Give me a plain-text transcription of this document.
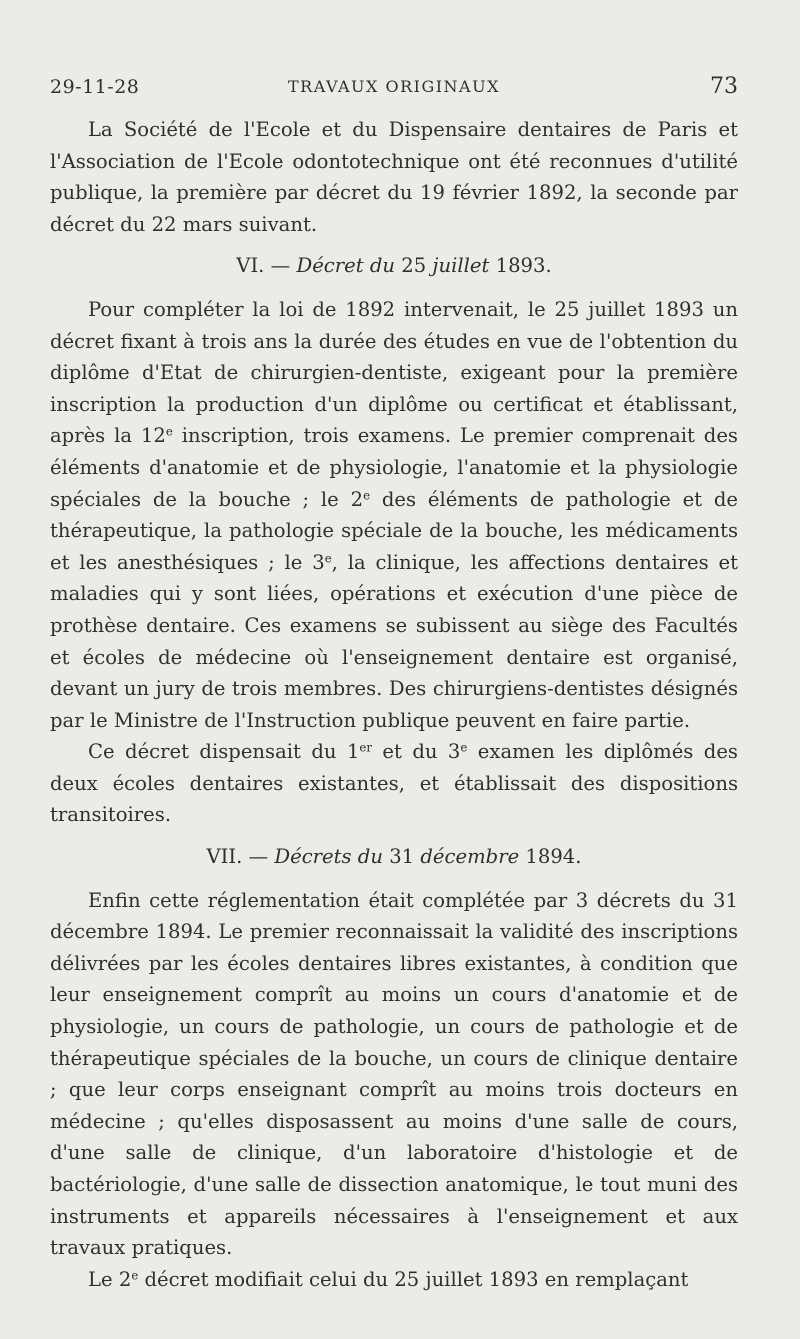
29-11-28	TRAVAUX ORIGINAUX	73

La Société de l'Ecole et du Dispensaire dentaires de Paris et l'Association de l'Ecole odontotechnique ont été reconnues d'utilité publique, la première par décret du 19 février 1892, la seconde par décret du 22 mars suivant.

VI. — Décret du 25 juillet 1893.

Pour compléter la loi de 1892 intervenait, le 25 juillet 1893 un décret fixant à trois ans la durée des études en vue de l'obtention du diplôme d'Etat de chirurgien-dentiste, exigeant pour la première inscription la production d'un diplôme ou certificat et établissant, après la 12e inscription, trois examens. Le premier comprenait des éléments d'anatomie et de physiologie, l'anatomie et la physiologie spéciales de la bouche ; le 2e des éléments de pathologie et de thérapeutique, la pathologie spéciale de la bouche, les médicaments et les anesthésiques ; le 3e, la clinique, les affections dentaires et maladies qui y sont liées, opérations et exécution d'une pièce de prothèse dentaire. Ces examens se subissent au siège des Facultés et écoles de médecine où l'enseignement dentaire est organisé, devant un jury de trois membres. Des chirurgiens-dentistes désignés par le Ministre de l'Instruction publique peuvent en faire partie.

Ce décret dispensait du 1er et du 3e examen les diplômés des deux écoles dentaires existantes, et établissait des dispositions transitoires.

VII. — Décrets du 31 décembre 1894.

Enfin cette réglementation était complétée par 3 décrets du 31 décembre 1894. Le premier reconnaissait la validité des inscriptions délivrées par les écoles dentaires libres existantes, à condition que leur enseignement comprît au moins un cours d'anatomie et de physiologie, un cours de pathologie, un cours de pathologie et de thérapeutique spéciales de la bouche, un cours de clinique dentaire ; que leur corps enseignant comprît au moins trois docteurs en médecine ; qu'elles disposassent au moins d'une salle de cours, d'une salle de clinique, d'un laboratoire d'histologie et de bactériologie, d'une salle de dissection anatomique, le tout muni des instruments et appareils nécessaires à l'enseignement et aux travaux pratiques.

Le 2e décret modifiait celui du 25 juillet 1893 en remplaçant
